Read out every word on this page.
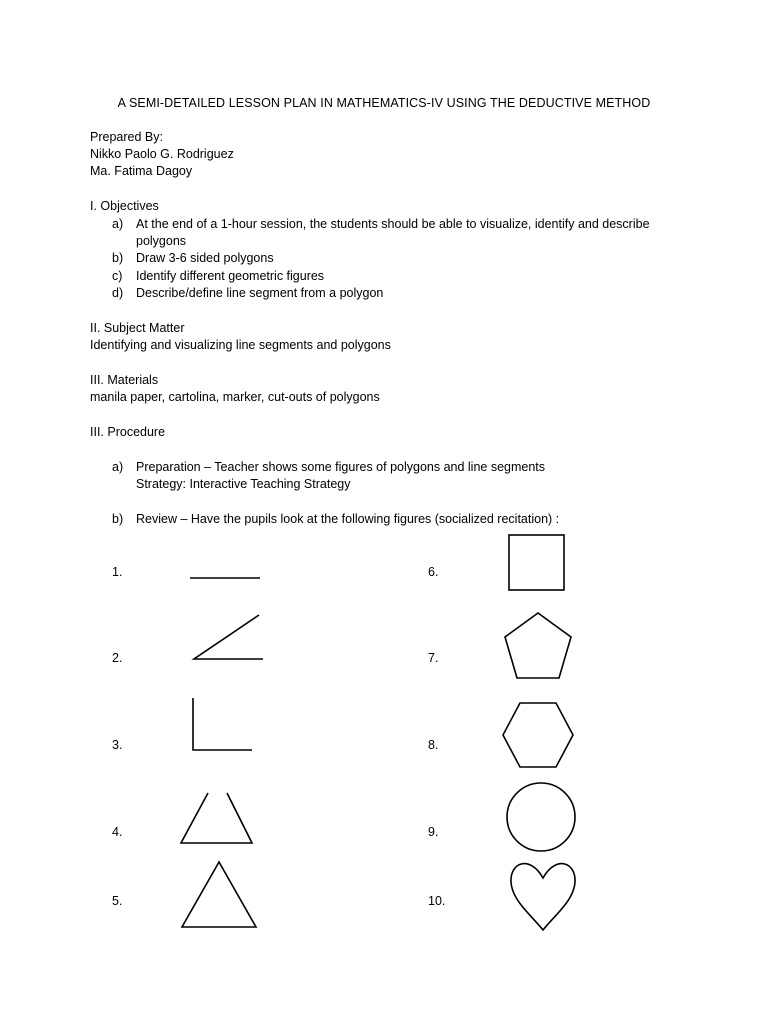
A SEMI-DETAILED LESSON PLAN IN MATHEMATICS-IV USING THE DEDUCTIVE METHOD
Prepared By:
Nikko Paolo G. Rodriguez
Ma. Fatima Dagoy
I. Objectives
a) At the end of a 1-hour session, the students should be able to visualize, identify and describe
polygons
b) Draw 3-6 sided polygons
c) Identify different geometric figures
d) Describe/define line segment from a polygon
II. Subject Matter
Identifying and visualizing line segments and polygons
III. Materials
manila paper, cartolina, marker, cut-outs of polygons
III. Procedure
a) Preparation – Teacher shows some figures of polygons and line segments
Strategy: Interactive Teaching Strategy
b) Review – Have the pupils look at the following figures (socialized recitation) :
1.
2.
3.
4.
5.
6.
7.
8.
9.
10.
